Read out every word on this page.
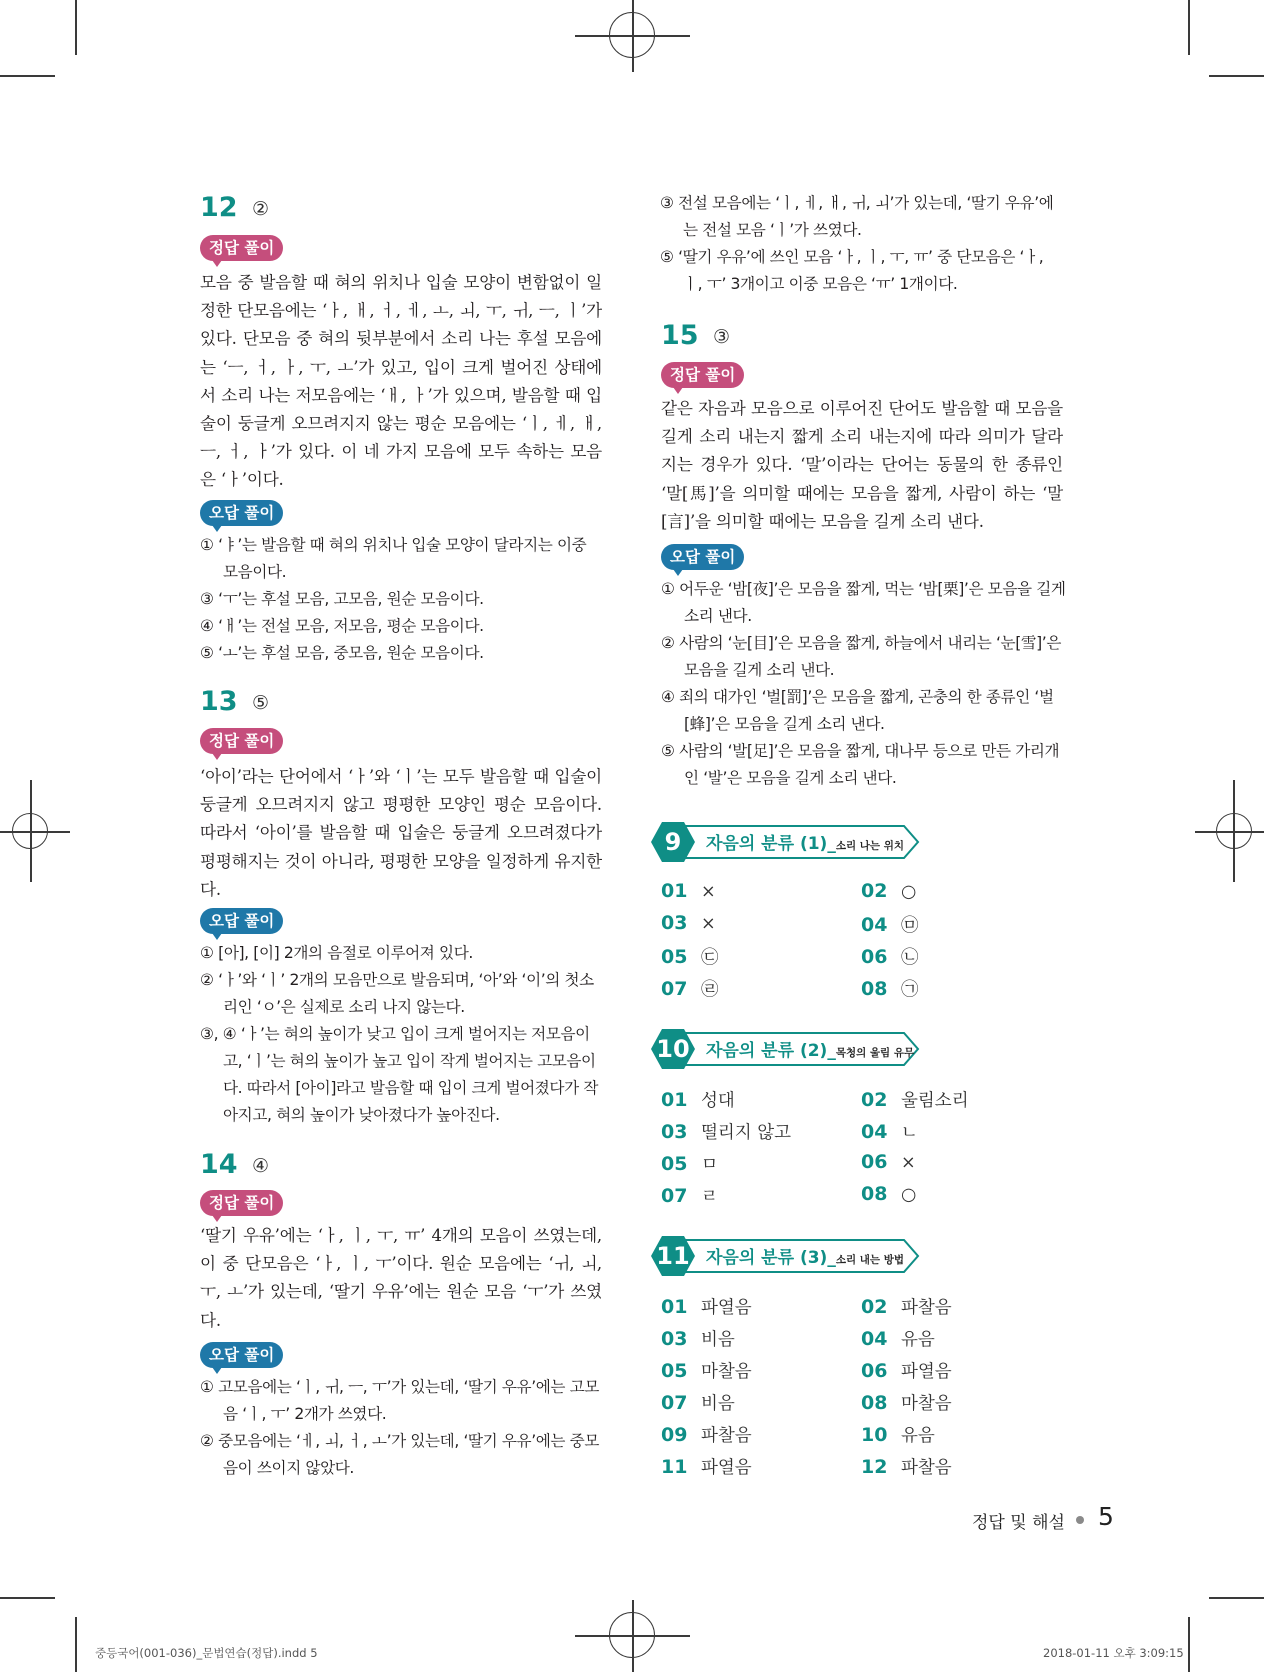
12 ②
정답 풀이
모음 중 발음할 때 혀의 위치나 입술 모양이 변함없이 일정한 단모음에는 ‘ㅏ, ㅐ, ㅓ, ㅔ, ㅗ, ㅚ, ㅜ, ㅟ, ㅡ, ㅣ’가 있다. 단모음 중 혀의 뒷부분에서 소리 나는 후설 모음에는 ‘ㅡ, ㅓ, ㅏ, ㅜ, ㅗ’가 있고, 입이 크게 벌어진 상태에서 소리 나는 저모음에는 ‘ㅐ, ㅏ’가 있으며, 발음할 때 입술이 둥글게 오므려지지 않는 평순 모음에는 ‘ㅣ, ㅔ, ㅐ, ㅡ, ㅓ, ㅏ’가 있다. 이 네 가지 모음에 모두 속하는 모음은 ‘ㅏ’이다.
오답 풀이
① ‘ㅑ’는 발음할 때 혀의 위치나 입술 모양이 달라지는 이중 모음이다.
③ ‘ㅜ’는 후설 모음, 고모음, 원순 모음이다.
④ ‘ㅐ’는 전설 모음, 저모음, 평순 모음이다.
⑤ ‘ㅗ’는 후설 모음, 중모음, 원순 모음이다.
13 ⑤
정답 풀이
‘아이’라는 단어에서 ‘ㅏ’와 ‘ㅣ’는 모두 발음할 때 입술이 둥글게 오므려지지 않고 평평한 모양인 평순 모음이다. 따라서 ‘아이’를 발음할 때 입술은 둥글게 오므려졌다가 평평해지는 것이 아니라, 평평한 모양을 일정하게 유지한다.
오답 풀이
① [아], [이] 2개의 음절로 이루어져 있다.
② ‘ㅏ’와 ‘ㅣ’ 2개의 모음만으로 발음되며, ‘아’와 ‘이’의 첫소리인 ‘ㅇ’은 실제로 소리 나지 않는다.
③, ④ ‘ㅏ’는 혀의 높이가 낮고 입이 크게 벌어지는 저모음이고, ‘ㅣ’는 혀의 높이가 높고 입이 작게 벌어지는 고모음이다. 따라서 [아이]라고 발음할 때 입이 크게 벌어졌다가 작아지고, 혀의 높이가 낮아졌다가 높아진다.
14 ④
정답 풀이
‘딸기 우유’에는 ‘ㅏ, ㅣ, ㅜ, ㅠ’ 4개의 모음이 쓰였는데, 이 중 단모음은 ‘ㅏ, ㅣ, ㅜ’이다. 원순 모음에는 ‘ㅟ, ㅚ, ㅜ, ㅗ’가 있는데, ‘딸기 우유’에는 원순 모음 ‘ㅜ’가 쓰였다.
오답 풀이
① 고모음에는 ‘ㅣ, ㅟ, ㅡ, ㅜ’가 있는데, ‘딸기 우유’에는 고모음 ‘ㅣ, ㅜ’ 2개가 쓰였다.
② 중모음에는 ‘ㅔ, ㅚ, ㅓ, ㅗ’가 있는데, ‘딸기 우유’에는 중모음이 쓰이지 않았다.
③ 전설 모음에는 ‘ㅣ, ㅔ, ㅐ, ㅟ, ㅚ’가 있는데, ‘딸기 우유’에는 전설 모음 ‘ㅣ’가 쓰였다.
⑤ ‘딸기 우유’에 쓰인 모음 ‘ㅏ, ㅣ, ㅜ, ㅠ’ 중 단모음은 ‘ㅏ, ㅣ, ㅜ’ 3개이고 이중 모음은 ‘ㅠ’ 1개이다.
15 ③
정답 풀이
같은 자음과 모음으로 이루어진 단어도 발음할 때 모음을 길게 소리 내는지 짧게 소리 내는지에 따라 의미가 달라지는 경우가 있다. ‘말’이라는 단어는 동물의 한 종류인 ‘말[馬]’을 의미할 때에는 모음을 짧게, 사람이 하는 ‘말[言]’을 의미할 때에는 모음을 길게 소리 낸다.
오답 풀이
① 어두운 ‘밤[夜]’은 모음을 짧게, 먹는 ‘밤[栗]’은 모음을 길게 소리 낸다.
② 사람의 ‘눈[目]’은 모음을 짧게, 하늘에서 내리는 ‘눈[雪]’은 모음을 길게 소리 낸다.
④ 죄의 대가인 ‘벌[罰]’은 모음을 짧게, 곤충의 한 종류인 ‘벌[蜂]’은 모음을 길게 소리 낸다.
⑤ 사람의 ‘발[足]’은 모음을 짧게, 대나무 등으로 만든 가리개인 ‘발’은 모음을 길게 소리 낸다.
9	자음의 분류 (1)_소리 나는 위치
01 ×	02 ○
03 ×	04 ㉤
05 ㉢	06 ㉡
07 ㉣	08 ㉠
10 자음의 분류 (2)_목청의 울림 유무
01 성대	02 울림소리
03 떨리지 않고	04 ㄴ
05 ㅁ	06 ×
07 ㄹ	08 ○
11 자음의 분류 (3)_소리 내는 방법
01 파열음	02 파찰음
03 비음	04 유음
05 마찰음	06 파열음
07 비음	08 마찰음
09 파찰음	10 유음
11 파열음	12 파찰음
정답 및 해설 5
중등국어(001-036)_문법연습(정답).indd 5	2018-01-11 오후 3:09:15
